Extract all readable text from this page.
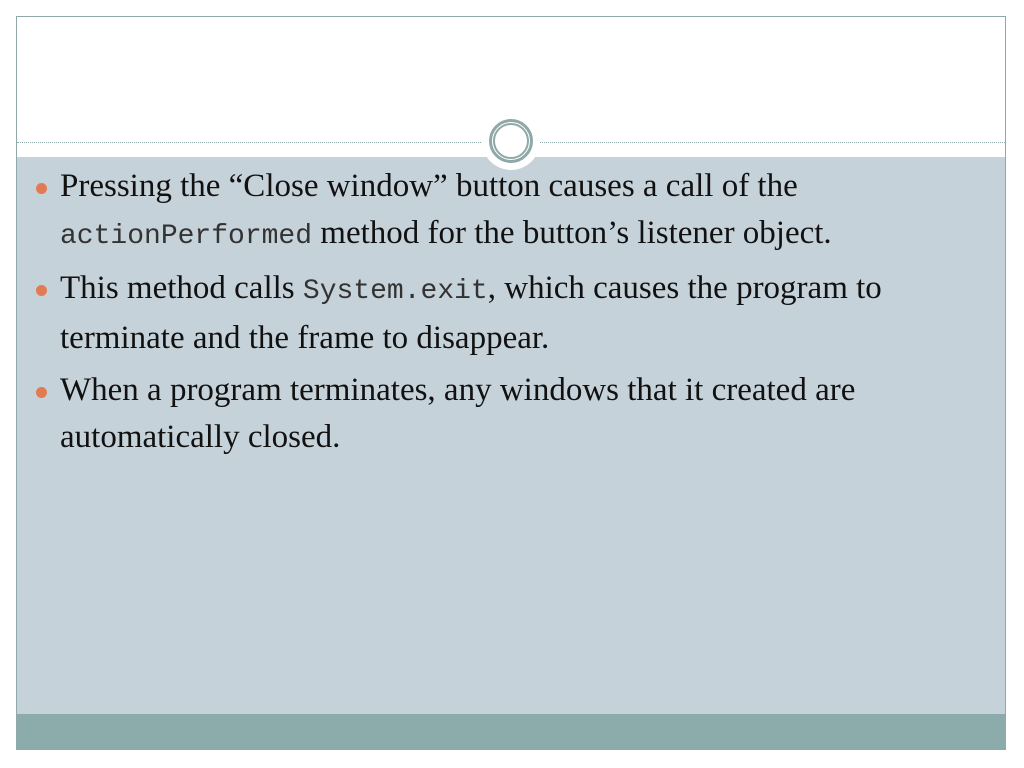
Pressing the “Close window” button causes a call of the actionPerformed method for the button’s listener object.
This method calls System.exit, which causes the program to terminate and the frame to disappear.
When a program terminates, any windows that it created are automatically closed.
